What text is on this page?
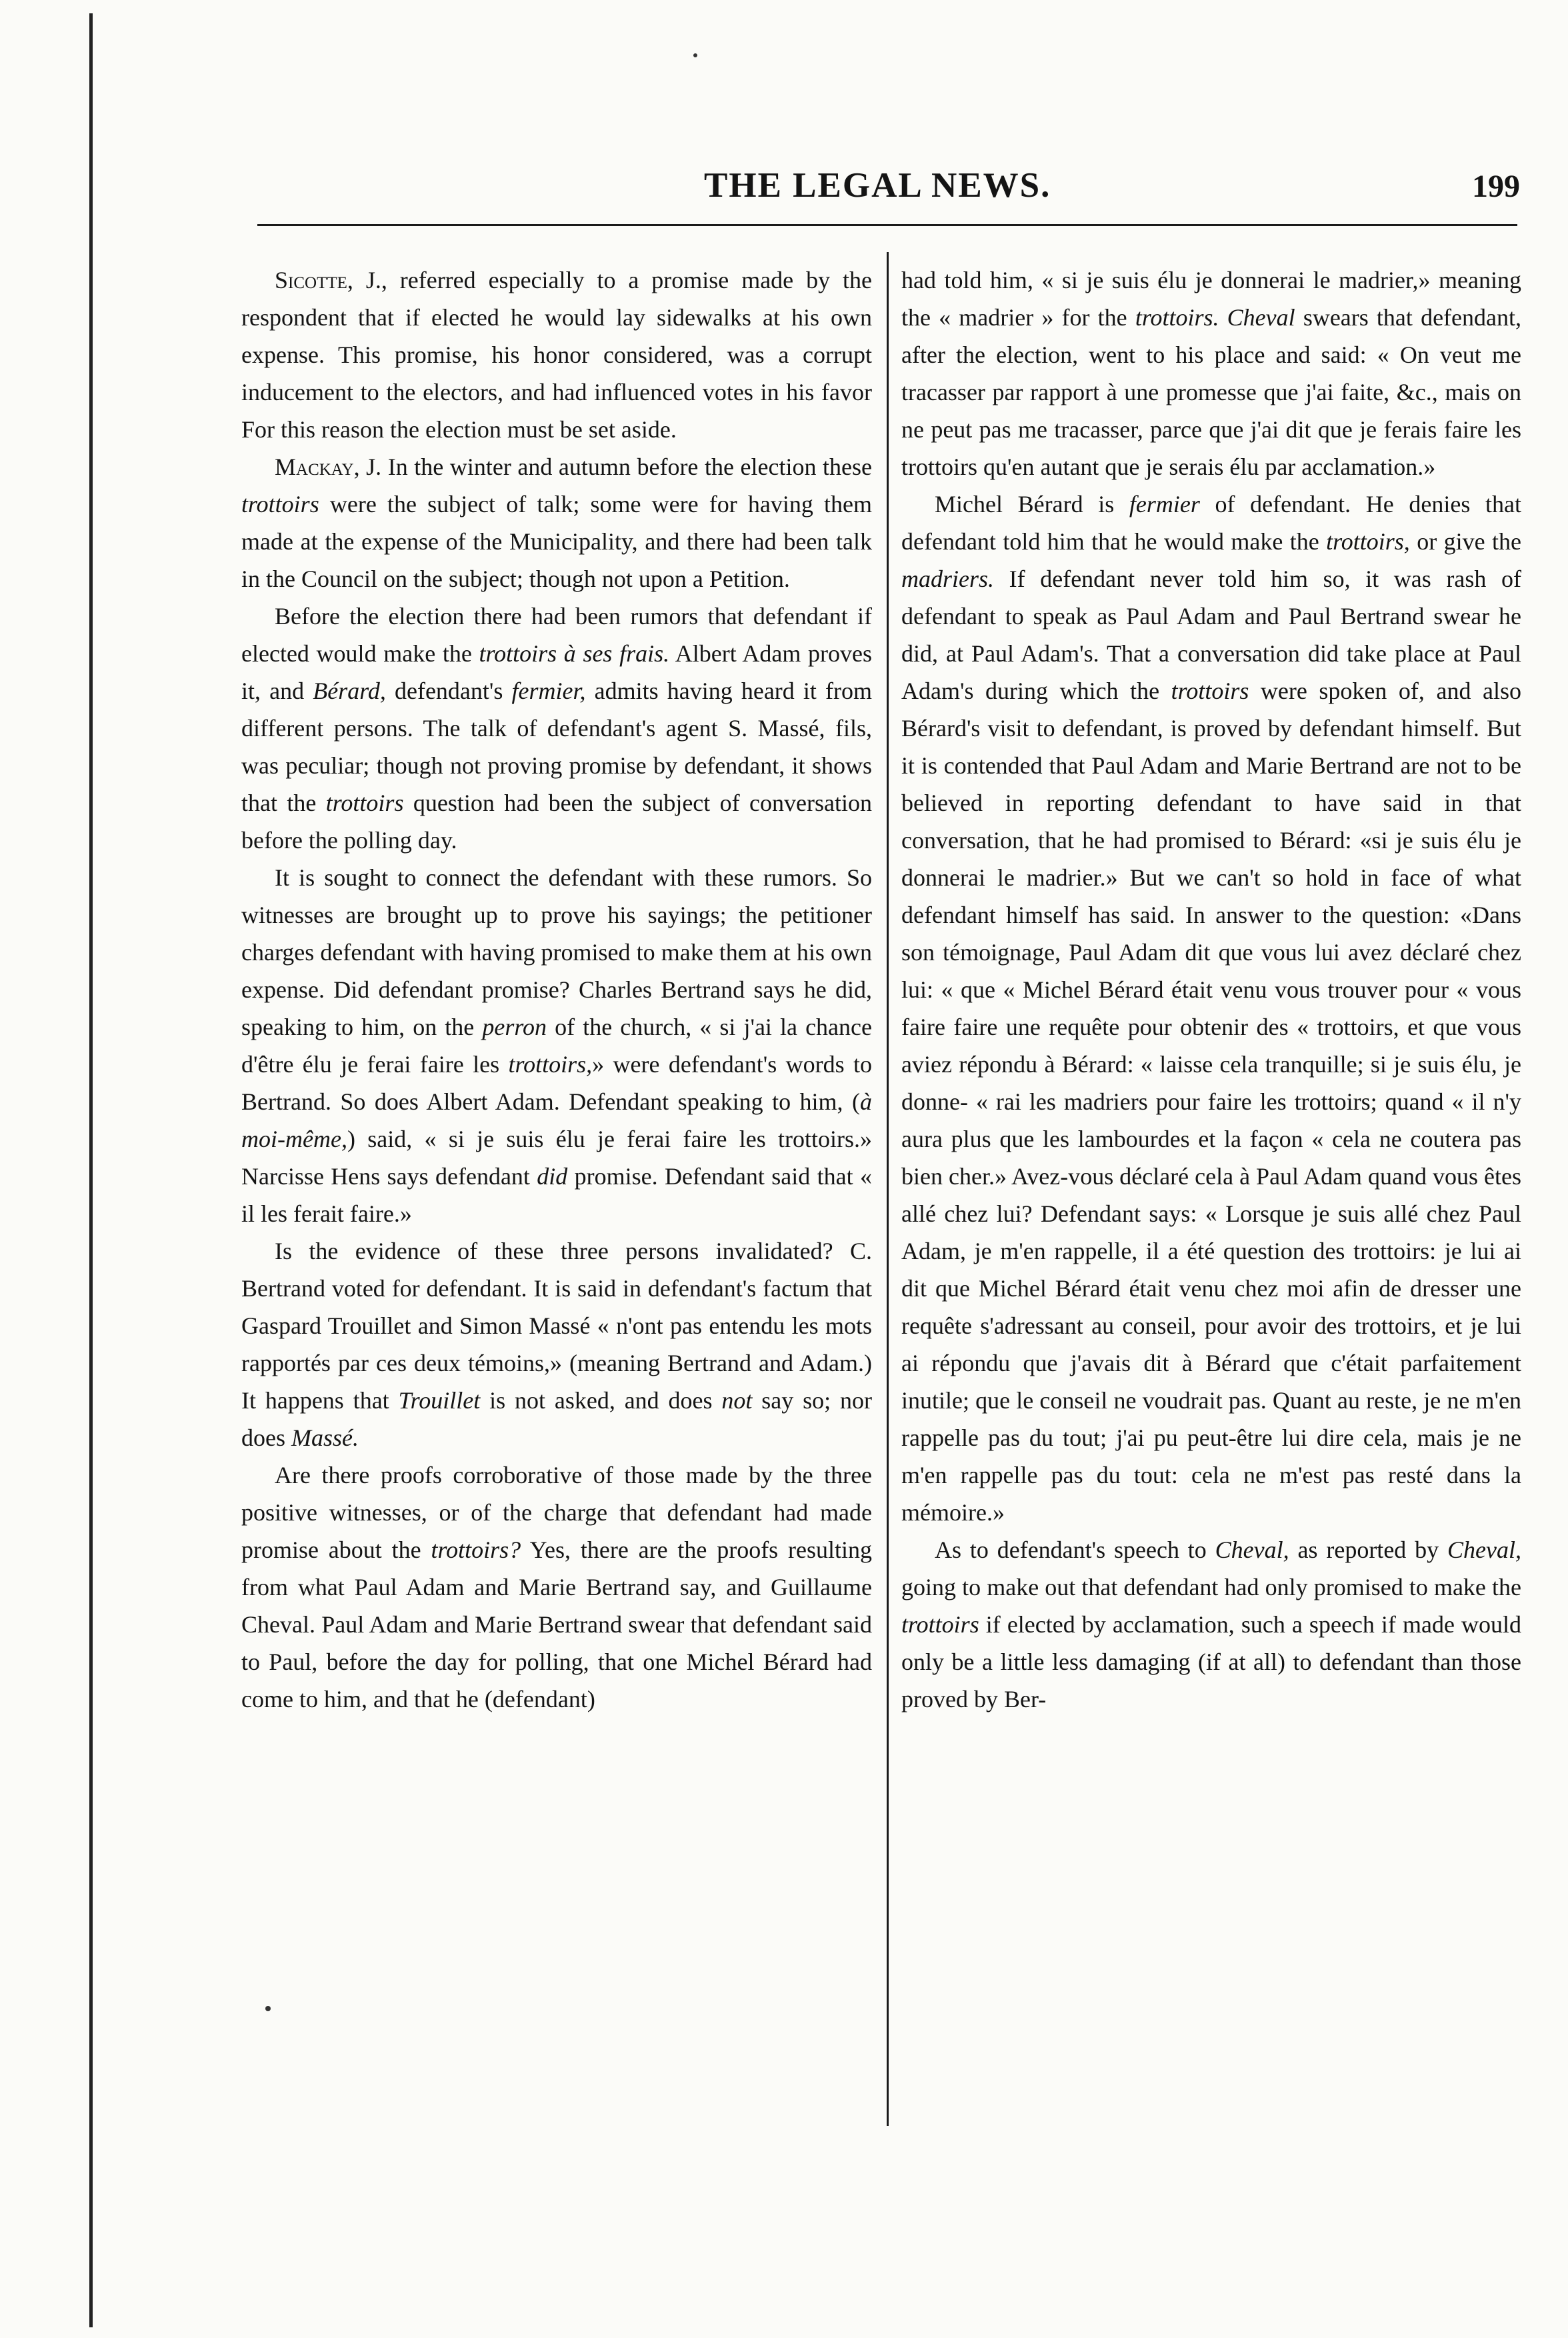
THE LEGAL NEWS.	199

Sicotte, J., referred especially to a promise made by the respondent that if elected he would lay sidewalks at his own expense. This promise, his honor considered, was a corrupt inducement to the electors, and had influenced votes in his favor For this reason the election must be set aside.

Mackay, J. In the winter and autumn before the election these trottoirs were the subject of talk; some were for having them made at the expense of the Municipality, and there had been talk in the Council on the subject; though not upon a Petition.

Before the election there had been rumors that defendant if elected would make the trottoirs à ses frais. Albert Adam proves it, and Bérard, defendant's fermier, admits having heard it from different persons. The talk of defendant's agent S. Massé, fils, was peculiar; though not proving promise by defendant, it shows that the trottoirs question had been the subject of conversation before the polling day.

It is sought to connect the defendant with these rumors. So witnesses are brought up to prove his sayings; the petitioner charges defendant with having promised to make them at his own expense. Did defendant promise? Charles Bertrand says he did, speaking to him, on the perron of the church, « si j'ai la chance d'être élu je ferai faire les trottoirs,» were defendant's words to Bertrand. So does Albert Adam. Defendant speaking to him, (à moi-même,) said, « si je suis élu je ferai faire les trottoirs.» Narcisse Hens says defendant did promise. Defendant said that « il les ferait faire.»

Is the evidence of these three persons invalidated? C. Bertrand voted for defendant. It is said in defendant's factum that Gaspard Trouillet and Simon Massé « n'ont pas entendu les mots rapportés par ces deux témoins,» (meaning Bertrand and Adam.) It happens that Trouillet is not asked, and does not say so; nor does Massé.

Are there proofs corroborative of those made by the three positive witnesses, or of the charge that defendant had made promise about the trottoirs? Yes, there are the proofs resulting from what Paul Adam and Marie Bertrand say, and Guillaume Cheval. Paul Adam and Marie Bertrand swear that defendant said to Paul, before the day for polling, that one Michel Bérard had come to him, and that he (defendant)

had told him, « si je suis élu je donnerai le madrier,» meaning the « madrier » for the trottoirs. Cheval swears that defendant, after the election, went to his place and said: « On veut me tracasser par rapport à une promesse que j'ai faite, &c., mais on ne peut pas me tracasser, parce que j'ai dit que je ferais faire les trottoirs qu'en autant que je serais élu par acclamation.»

Michel Bérard is fermier of defendant. He denies that defendant told him that he would make the trottoirs, or give the madriers. If defendant never told him so, it was rash of defendant to speak as Paul Adam and Paul Bertrand swear he did, at Paul Adam's. That a conversation did take place at Paul Adam's during which the trottoirs were spoken of, and also Bérard's visit to defendant, is proved by defendant himself. But it is contended that Paul Adam and Marie Bertrand are not to be believed in reporting defendant to have said in that conversation, that he had promised to Bérard: «si je suis élu je donnerai le madrier.» But we can't so hold in face of what defendant himself has said. In answer to the question: «Dans son témoignage, Paul Adam dit que vous lui avez déclaré chez lui: « que « Michel Bérard était venu vous trouver pour « vous faire faire une requête pour obtenir des « trottoirs, et que vous aviez répondu à Bérard: « laisse cela tranquille; si je suis élu, je donne- « rai les madriers pour faire les trottoirs; quand « il n'y aura plus que les lambourdes et la façon « cela ne coutera pas bien cher.» Avez-vous déclaré cela à Paul Adam quand vous êtes allé chez lui? Defendant says: « Lorsque je suis allé chez Paul Adam, je m'en rappelle, il a été question des trottoirs: je lui ai dit que Michel Bérard était venu chez moi afin de dresser une requête s'adressant au conseil, pour avoir des trottoirs, et je lui ai répondu que j'avais dit à Bérard que c'était parfaitement inutile; que le conseil ne voudrait pas. Quant au reste, je ne m'en rappelle pas du tout; j'ai pu peut-être lui dire cela, mais je ne m'en rappelle pas du tout: cela ne m'est pas resté dans la mémoire.»

As to defendant's speech to Cheval, as reported by Cheval, going to make out that defendant had only promised to make the trottoirs if elected by acclamation, such a speech if made would only be a little less damaging (if at all) to defendant than those proved by Ber-
